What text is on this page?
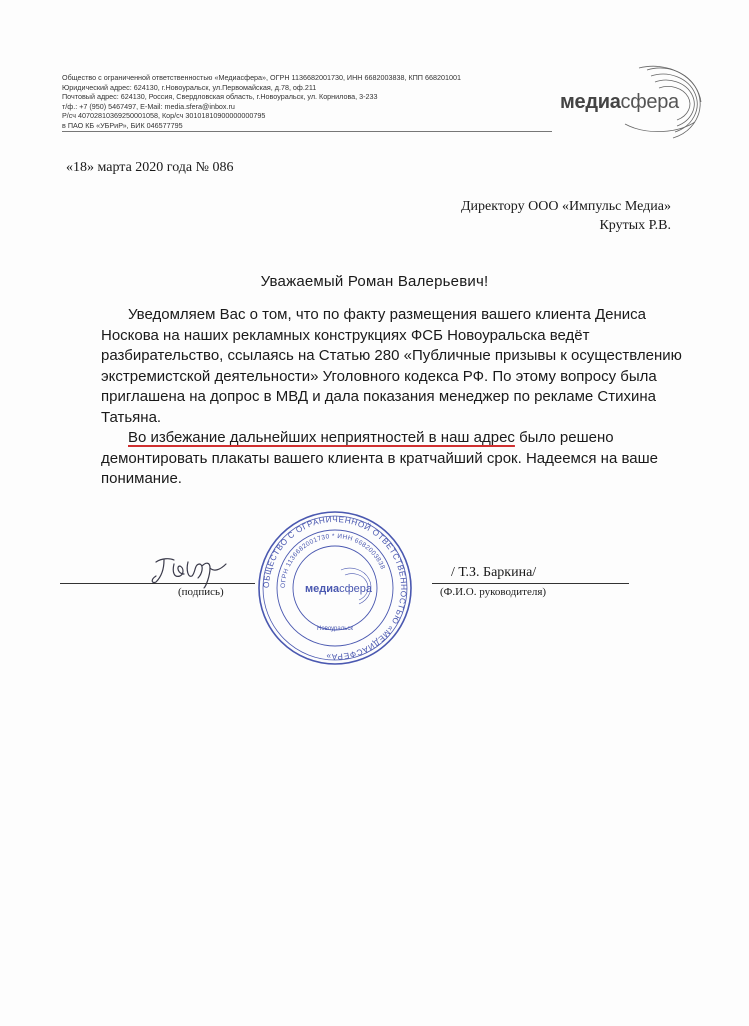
Общество с ограниченной ответственностью «Медиасфера», ОГРН 1136682001730, ИНН 6682003838, КПП 668201001
Юридический адрес: 624130, г.Новоуральск, ул.Первомайская, д.78, оф.211
Почтовый адрес: 624130, Россия, Свердловская область, г.Новоуральск, ул. Корнилова, 3-233
т/ф.: +7 (950) 5467497, E-Mail: media.sfera@inbox.ru
Р/сч 40702810369250001058, Кор/сч 30101810900000000795
в ПАО КБ «УБРиР», БИК 046577795
медиасфера
«18» марта 2020 года № 086
Директору ООО «Импульс Медиа»
Крутых Р.В.
Уважаемый Роман Валерьевич!

Уведомляем Вас о том, что по факту размещения вашего клиента Дениса Носкова на наших рекламных конструкциях ФСБ Новоуральска ведёт разбирательство, ссылаясь на Статью 280 «Публичные призывы к осуществлению экстремистской деятельности» Уголовного кодекса РФ. По этому вопросу была приглашена на допрос в МВД и дала показания менеджер по рекламе Стихина Татьяна.

Во избежание дальнейших неприятностей в наш адрес было решено демонтировать плакаты вашего клиента в кратчайший срок. Надеемся на ваше понимание.

/ Т.З. Баркина/
(подпись)	(Ф.И.О. руководителя)
ОБЩЕСТВО С ОГРАНИЧЕННОЙ ОТВЕТСТВЕННОСТЬЮ «МЕДИАСФЕРА»
ОГРН 1136682001730 * ИНН 6682003838
медиасфера
Новоуральск
